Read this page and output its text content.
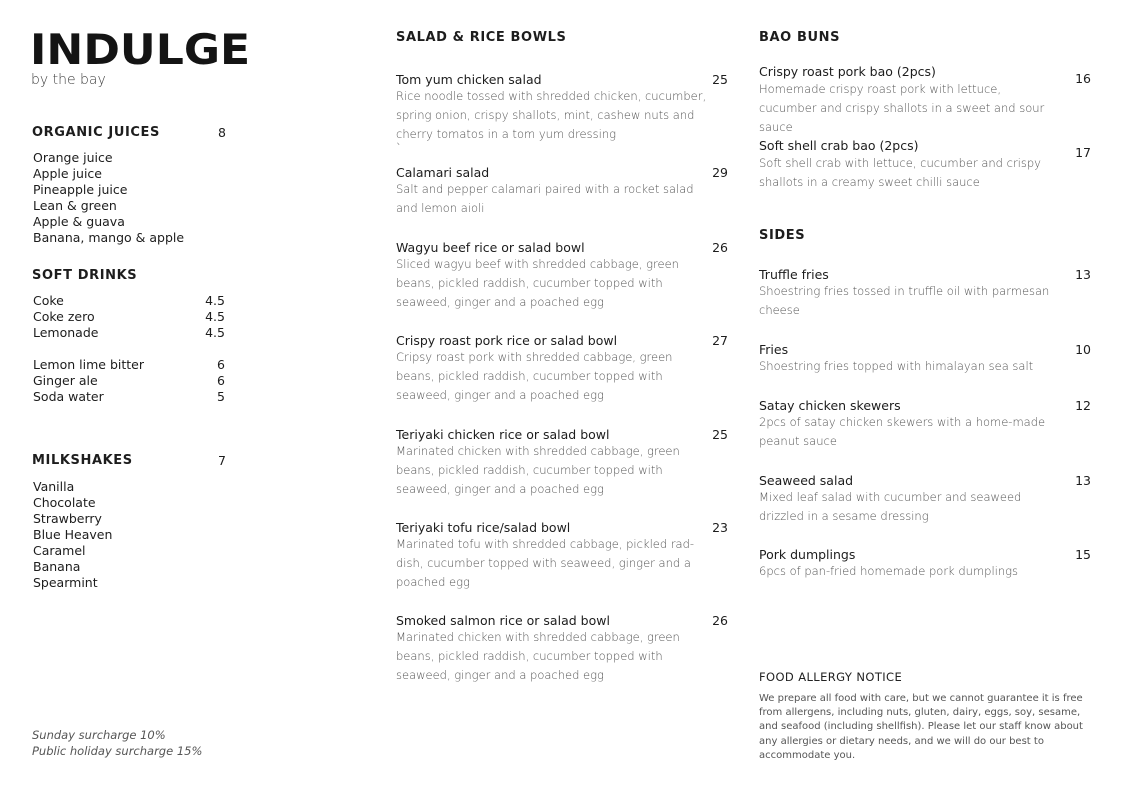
INDULGE
by the bay
ORGANIC JUICES	8
Orange juice
Apple juice
Pineapple juice
Lean & green
Apple & guava
Banana, mango & apple
SOFT DRINKS
Coke	4.5
Coke zero	4.5
Lemonade	4.5
Lemon lime bitter	6
Ginger ale	6
Soda water	5
MILKSHAKES	7
Vanilla
Chocolate
Strawberry
Blue Heaven
Caramel
Banana
Spearmint
Sunday surcharge 10%
Public holiday surcharge 15%
SALAD & RICE BOWLS
Tom yum chicken salad	25
Rice noodle tossed with shredded chicken, cucumber, spring onion, crispy shallots, mint, cashew nuts and cherry tomatos in a tom yum dressing
`
Calamari salad	29
Salt and pepper calamari paired with a rocket salad and lemon aioli
Wagyu beef rice or salad bowl	26
Sliced wagyu beef with shredded cabbage, green beans, pickled raddish, cucumber topped with seaweed, ginger and a poached egg
Crispy roast pork rice or salad bowl	27
Cripsy roast pork with shredded cabbage, green beans, pickled raddish, cucumber topped with seaweed, ginger and a poached egg
Teriyaki chicken rice or salad bowl	25
Marinated chicken with shredded cabbage, green beans, pickled raddish, cucumber topped with seaweed, ginger and a poached egg
Teriyaki tofu rice/salad bowl	23
Marinated tofu with shredded cabbage, pickled rad-dish, cucumber topped with seaweed, ginger and a poached egg
Smoked salmon rice or salad bowl	26
Marinated chicken with shredded cabbage, green beans, pickled raddish, cucumber topped with seaweed, ginger and a poached egg
BAO BUNS
Crispy roast pork bao (2pcs)	16
Homemade crispy roast pork with lettuce, cucumber and crispy shallots in a sweet and sour sauce
Soft shell crab bao (2pcs)	17
Soft shell crab with lettuce, cucumber and crispy shallots in a creamy sweet chilli sauce
SIDES
Truffle fries	13
Shoestring fries tossed in truffle oil with parmesan cheese
Fries	10
Shoestring fries topped with himalayan sea salt
Satay chicken skewers	12
2pcs of satay chicken skewers with a home-made peanut sauce
Seaweed salad	13
Mixed leaf salad with cucumber and seaweed drizzled in a sesame dressing
Pork dumplings	15
6pcs of pan-fried homemade pork dumplings
FOOD ALLERGY NOTICE
We prepare all food with care, but we cannot guarantee it is free from allergens, including nuts, gluten, dairy, eggs, soy, sesame, and seafood (including shellfish). Please let our staff know about any allergies or dietary needs, and we will do our best to accommodate you.
